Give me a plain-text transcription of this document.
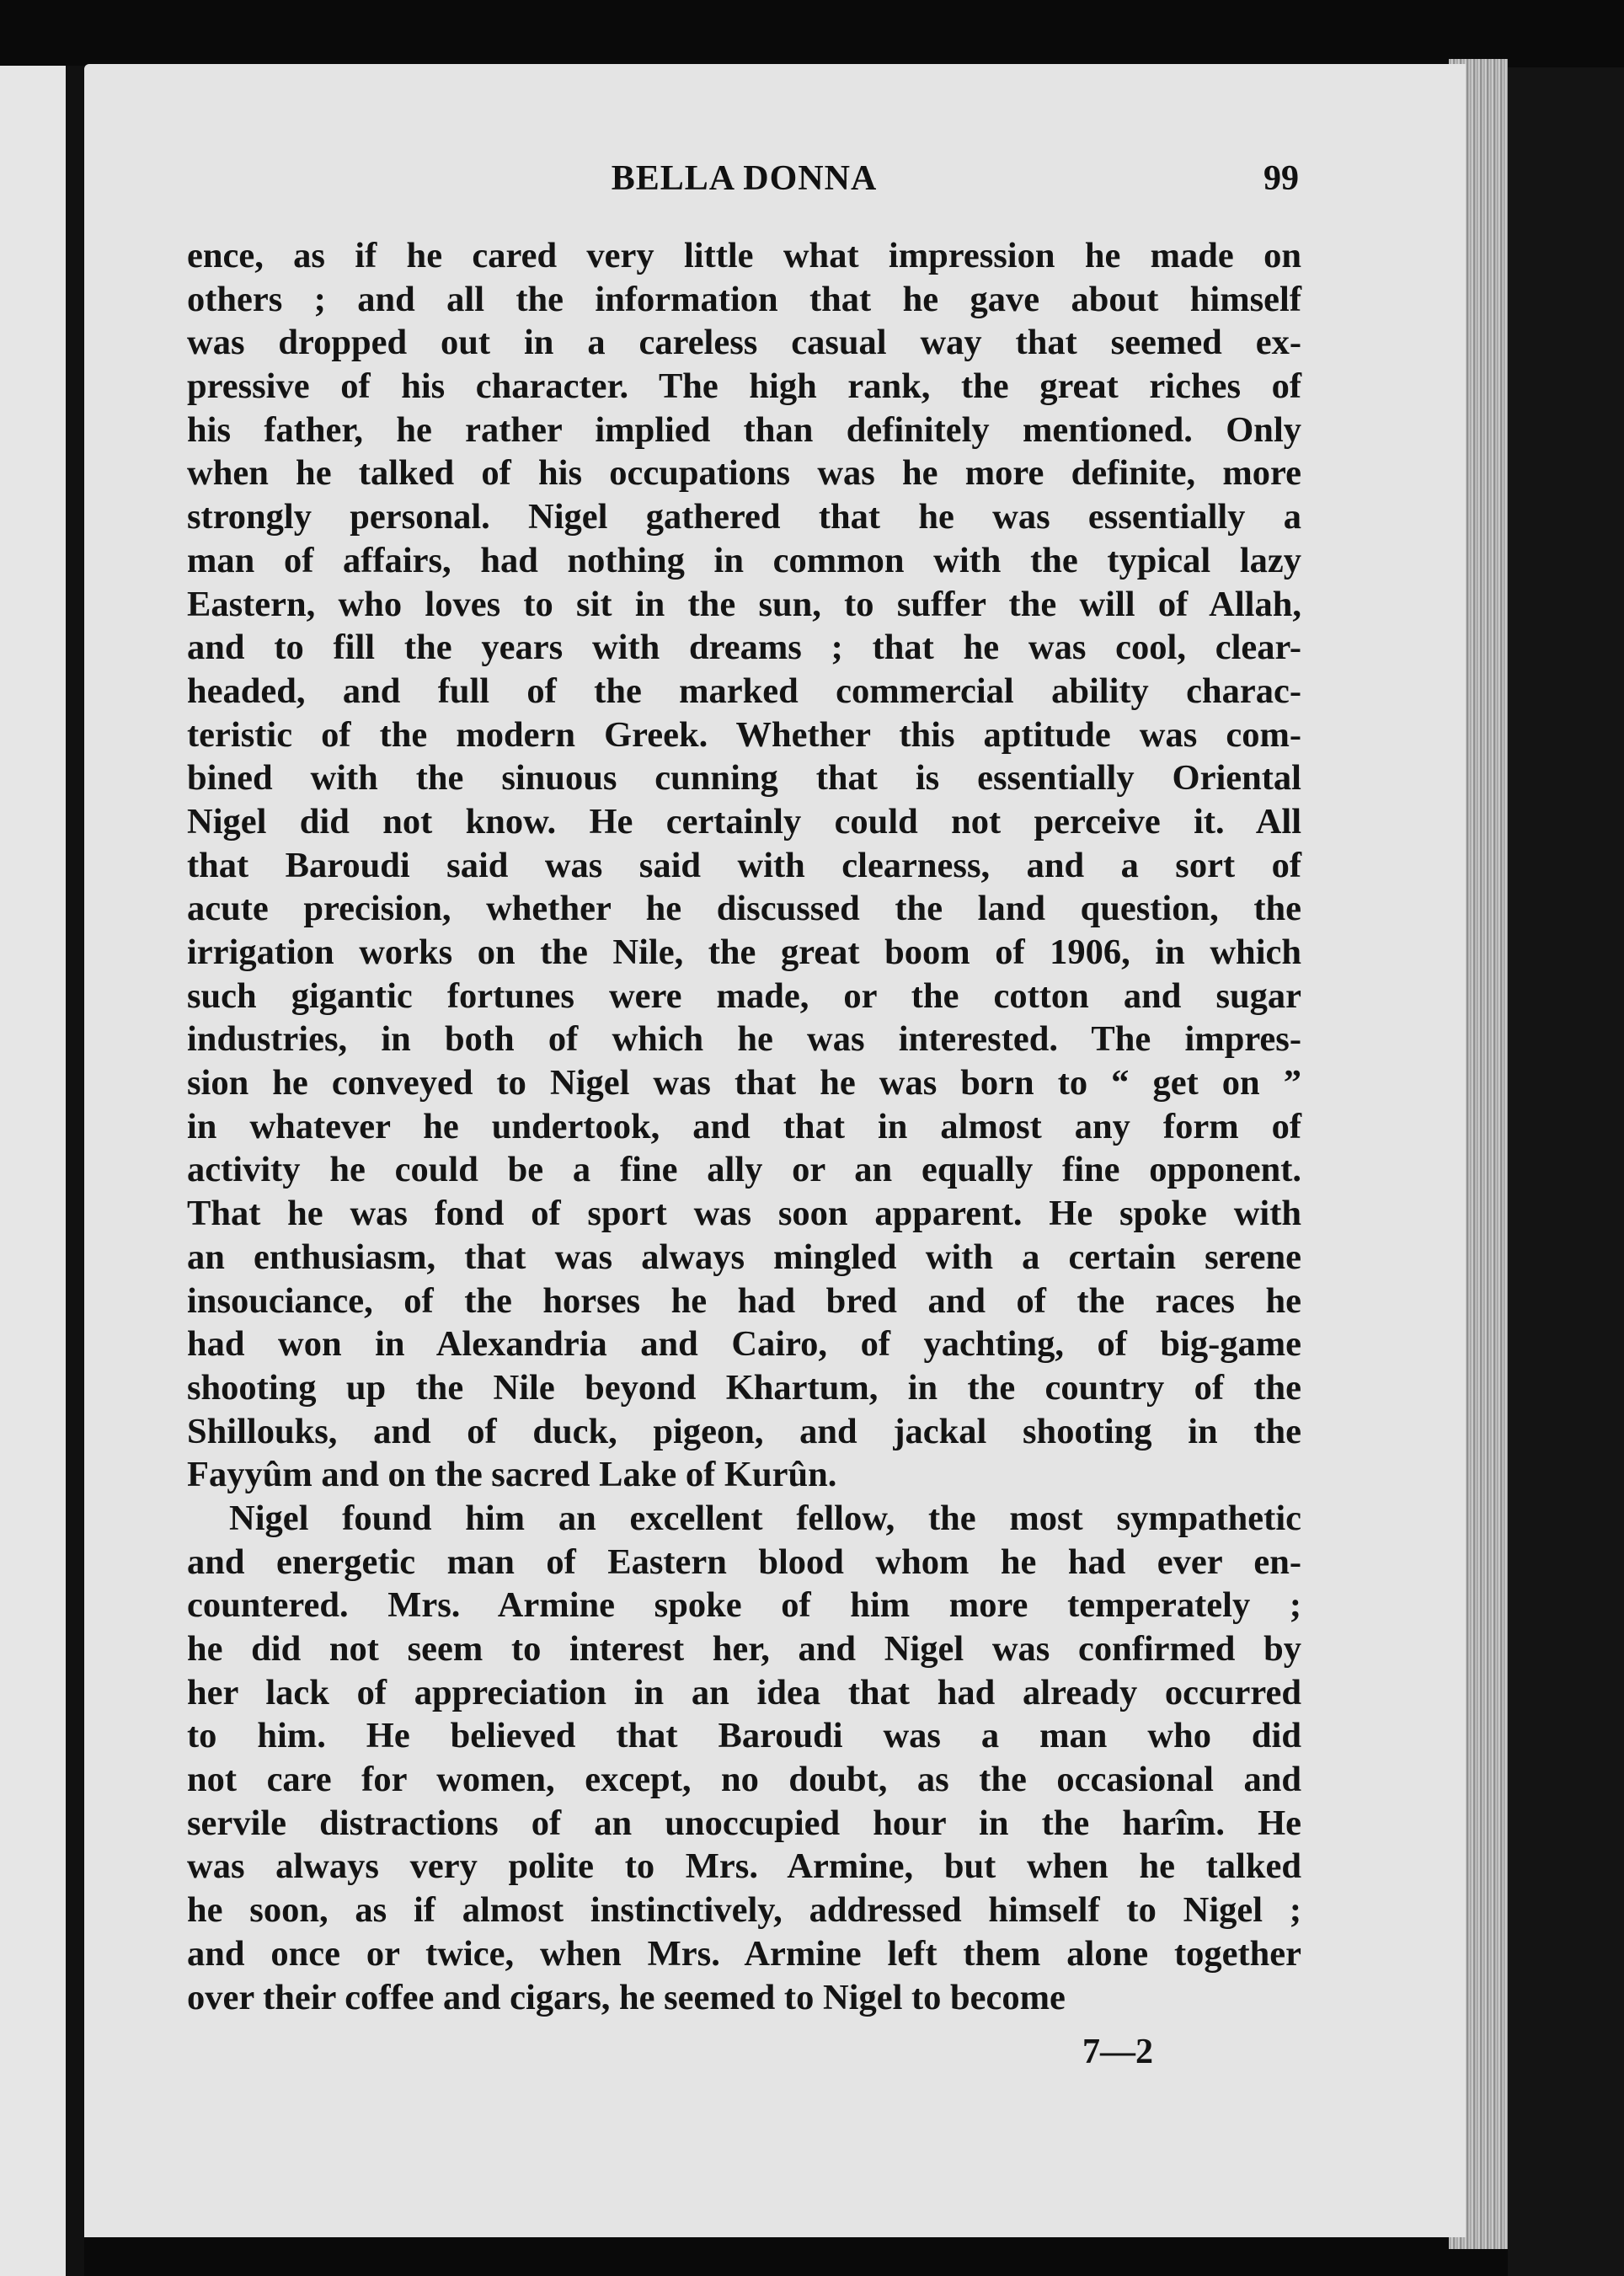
BELLA DONNA	99
ence, as if he cared very little what impression he made on
others ; and all the information that he gave about himself
was dropped out in a careless casual way that seemed ex-
pressive of his character. The high rank, the great riches of
his father, he rather implied than definitely mentioned. Only
when he talked of his occupations was he more definite, more
strongly personal. Nigel gathered that he was essentially a
man of affairs, had nothing in common with the typical lazy
Eastern, who loves to sit in the sun, to suffer the will of Allah,
and to fill the years with dreams ; that he was cool, clear-
headed, and full of the marked commercial ability charac-
teristic of the modern Greek. Whether this aptitude was com-
bined with the sinuous cunning that is essentially Oriental
Nigel did not know. He certainly could not perceive it. All
that Baroudi said was said with clearness, and a sort of
acute precision, whether he discussed the land question, the
irrigation works on the Nile, the great boom of 1906, in which
such gigantic fortunes were made, or the cotton and sugar
industries, in both of which he was interested. The impres-
sion he conveyed to Nigel was that he was born to “ get on ”
in whatever he undertook, and that in almost any form of
activity he could be a fine ally or an equally fine opponent.
That he was fond of sport was soon apparent. He spoke with
an enthusiasm, that was always mingled with a certain serene
insouciance, of the horses he had bred and of the races he
had won in Alexandria and Cairo, of yachting, of big-game
shooting up the Nile beyond Khartum, in the country of the
Shillouks, and of duck, pigeon, and jackal shooting in the
Fayyûm and on the sacred Lake of Kurûn.
Nigel found him an excellent fellow, the most sympathetic
and energetic man of Eastern blood whom he had ever en-
countered. Mrs. Armine spoke of him more temperately ;
he did not seem to interest her, and Nigel was confirmed by
her lack of appreciation in an idea that had already occurred
to him. He believed that Baroudi was a man who did
not care for women, except, no doubt, as the occasional and
servile distractions of an unoccupied hour in the harîm. He
was always very polite to Mrs. Armine, but when he talked
he soon, as if almost instinctively, addressed himself to Nigel ;
and once or twice, when Mrs. Armine left them alone together
over their coffee and cigars, he seemed to Nigel to become
7—2
